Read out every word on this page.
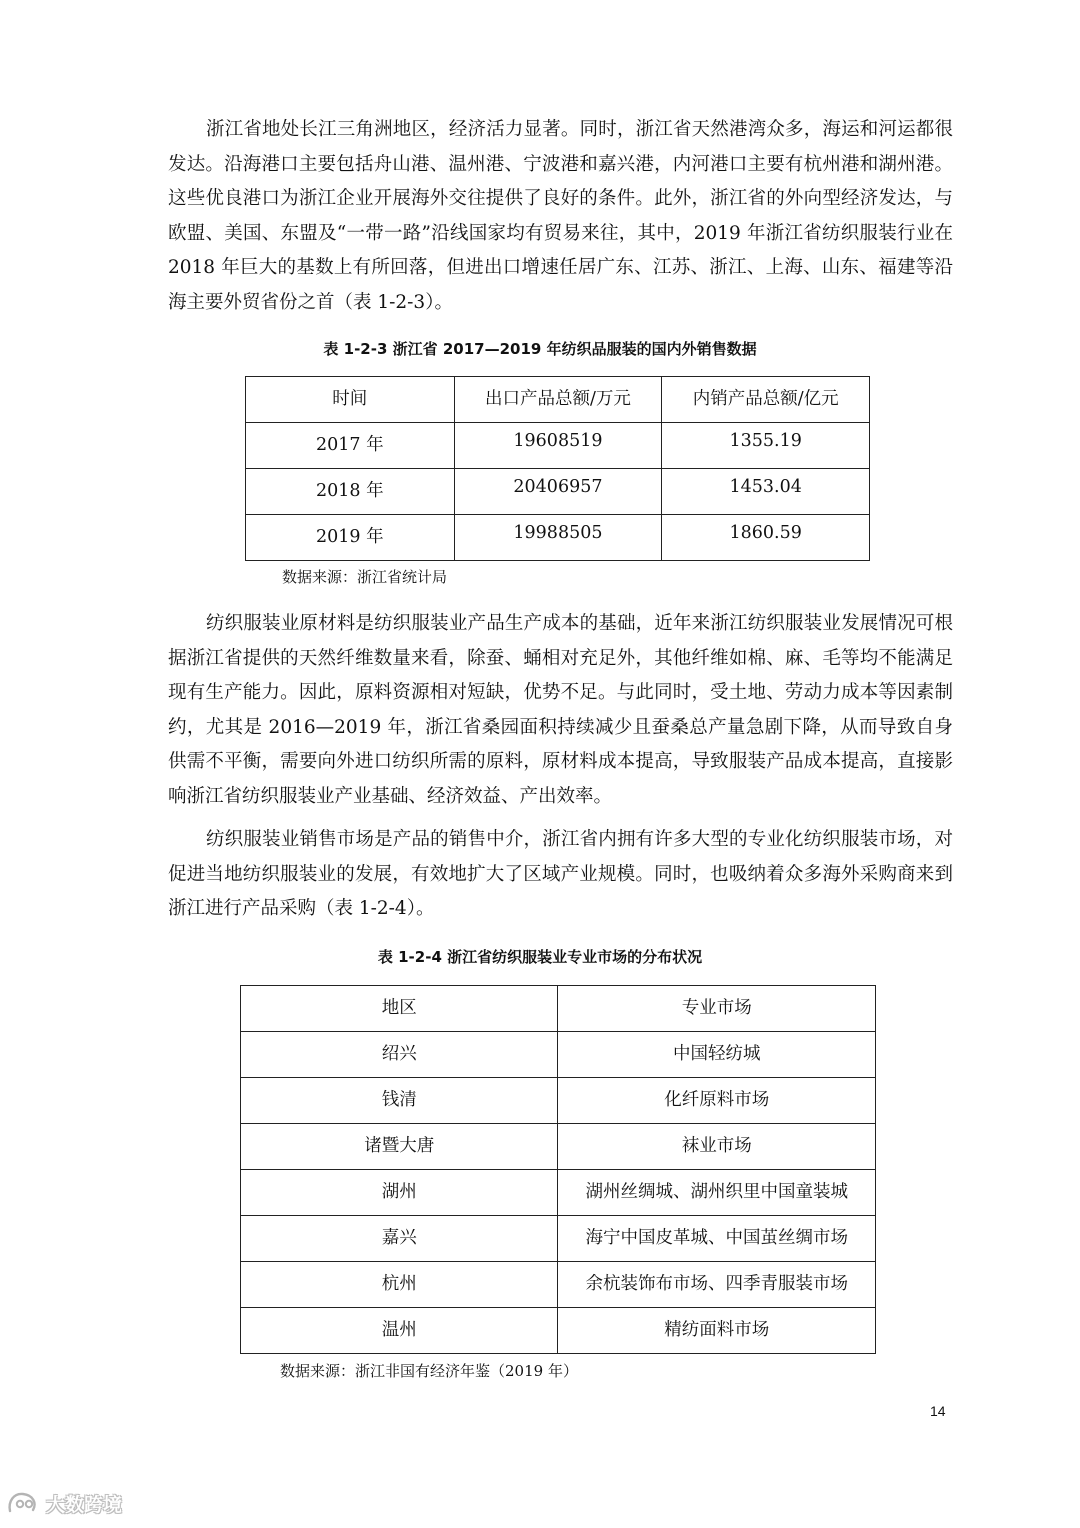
浙江省地处长江三角洲地区，经济活力显著。同时，浙江省天然港湾众多，海运和河运都很发达。沿海港口主要包括舟山港、温州港、宁波港和嘉兴港，内河港口主要有杭州港和湖州港。这些优良港口为浙江企业开展海外交往提供了良好的条件。此外，浙江省的外向型经济发达，与欧盟、美国、东盟及“一带一路”沿线国家均有贸易来往，其中，2019 年浙江省纺织服装行业在 2018 年巨大的基数上有所回落，但进出口增速任居广东、江苏、浙江、上海、山东、福建等沿海主要外贸省份之首（表 1-2-3）。

表 1-2-3 浙江省 2017—2019 年纺织品服装的国内外销售数据

时间	出口产品总额/万元	内销产品总额/亿元
2017 年	19608519	1355.19
2018 年	20406957	1453.04
2019 年	19988505	1860.59

数据来源：浙江省统计局

纺织服装业原材料是纺织服装业产品生产成本的基础，近年来浙江纺织服装业发展情况可根据浙江省提供的天然纤维数量来看，除蚕、蛹相对充足外，其他纤维如棉、麻、毛等均不能满足现有生产能力。因此，原料资源相对短缺，优势不足。与此同时，受土地、劳动力成本等因素制约，尤其是 2016—2019 年，浙江省桑园面积持续减少且蚕桑总产量急剧下降，从而导致自身供需不平衡，需要向外进口纺织所需的原料，原材料成本提高，导致服装产品成本提高，直接影响浙江省纺织服装业产业基础、经济效益、产出效率。

纺织服装业销售市场是产品的销售中介，浙江省内拥有许多大型的专业化纺织服装市场，对促进当地纺织服装业的发展，有效地扩大了区域产业规模。同时，也吸纳着众多海外采购商来到浙江进行产品采购（表 1-2-4）。

表 1-2-4 浙江省纺织服装业专业市场的分布状况

地区	专业市场
绍兴	中国轻纺城
钱清	化纤原料市场
诸暨大唐	袜业市场
湖州	湖州丝绸城、湖州织里中国童装城
嘉兴	海宁中国皮革城、中国茧丝绸市场
杭州	余杭装饰布市场、四季青服装市场
温州	精纺面料市场

数据来源：浙江非国有经济年鉴（2019 年）

14
大数跨境
